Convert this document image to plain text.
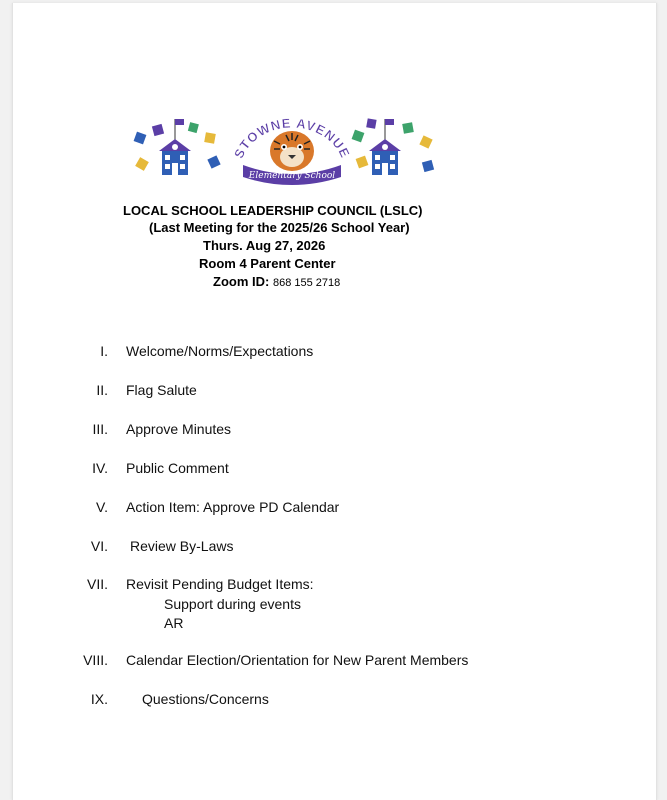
STOWNE AVENUE
Elementary School
LOCAL SCHOOL LEADERSHIP COUNCIL (LSLC)
(Last Meeting for the 2025/26 School Year)
Thurs. Aug 27, 2026
Room 4 Parent Center
Zoom ID: 868 155 2718
I. Welcome/Norms/Expectations
II. Flag Salute
III. Approve Minutes
IV. Public Comment
V. Action Item: Approve PD Calendar
VI. Review By-Laws
VII. Revisit Pending Budget Items:
Support during events
AR
VIII. Calendar Election/Orientation for New Parent Members
IX. Questions/Concerns
